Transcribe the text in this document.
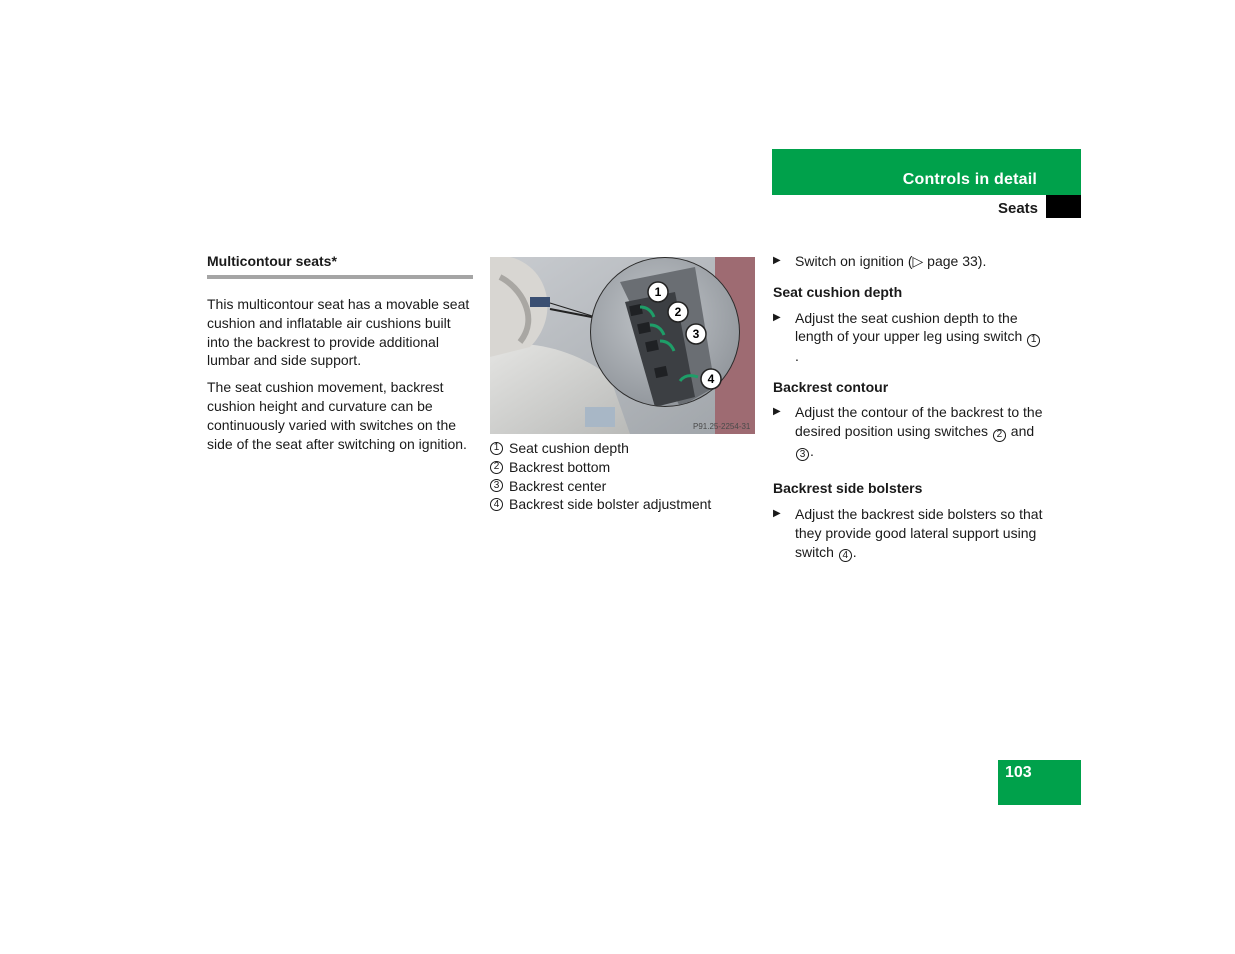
Controls in detail
Seats
Multicontour seats*

This multicontour seat has a movable seat cushion and inflatable air cushions built into the backrest to provide additional lumbar and side support.

The seat cushion movement, backrest cushion height and curvature can be continuously varied with switches on the side of the seat after switching on ignition.

1
2
3
4
P91.25-2254-31
1 Seat cushion depth
2 Backrest bottom
3 Backrest center
4 Backrest side bolster adjustment
▶ Switch on ignition (▷ page 33).
Seat cushion depth
▶ Adjust the seat cushion depth to the length of your upper leg using switch 1.
Backrest contour
▶ Adjust the contour of the backrest to the desired position using switches 2 and 3 .
Backrest side bolsters
▶ Adjust the backrest side bolsters so that they provide good lateral support using switch 4 .
103
